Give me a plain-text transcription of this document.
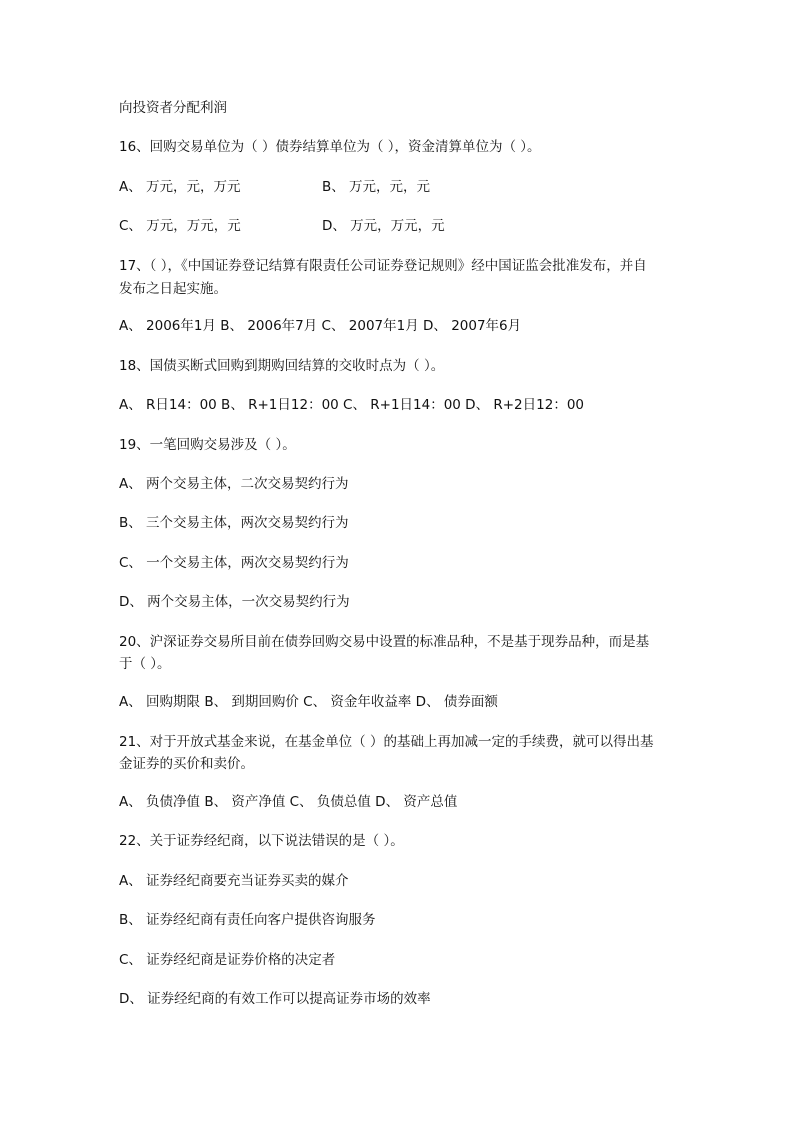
向投资者分配利润
16、回购交易单位为（ ）债券结算单位为（ ），资金清算单位为（ ）。
A、 万元，元，万元	B、 万元，元，元
C、 万元，万元，元	D、 万元，万元，元
17、（ ），《中国证券登记结算有限责任公司证券登记规则》经中国证监会批准发布，并自
发布之日起实施。
A、 2006年1月 B、 2006年7月 C、 2007年1月 D、 2007年6月
18、国债买断式回购到期购回结算的交收时点为（ ）。
A、 R日14：00 B、 R+1日12：00 C、 R+1日14：00 D、 R+2日12：00
19、一笔回购交易涉及（ ）。
A、 两个交易主体，二次交易契约行为
B、 三个交易主体，两次交易契约行为
C、 一个交易主体，两次交易契约行为
D、 两个交易主体，一次交易契约行为
20、沪深证券交易所目前在债券回购交易中设置的标准品种，不是基于现券品种，而是基
于（ ）。
A、 回购期限 B、 到期回购价 C、 资金年收益率 D、 债券面额
21、对于开放式基金来说，在基金单位（ ）的基础上再加减一定的手续费，就可以得出基
金证券的买价和卖价。
A、 负债净值 B、 资产净值 C、 负债总值 D、 资产总值
22、关于证券经纪商，以下说法错误的是（ ）。
A、 证券经纪商要充当证券买卖的媒介
B、 证券经纪商有责任向客户提供咨询服务
C、 证券经纪商是证券价格的决定者
D、 证券经纪商的有效工作可以提高证券市场的效率
